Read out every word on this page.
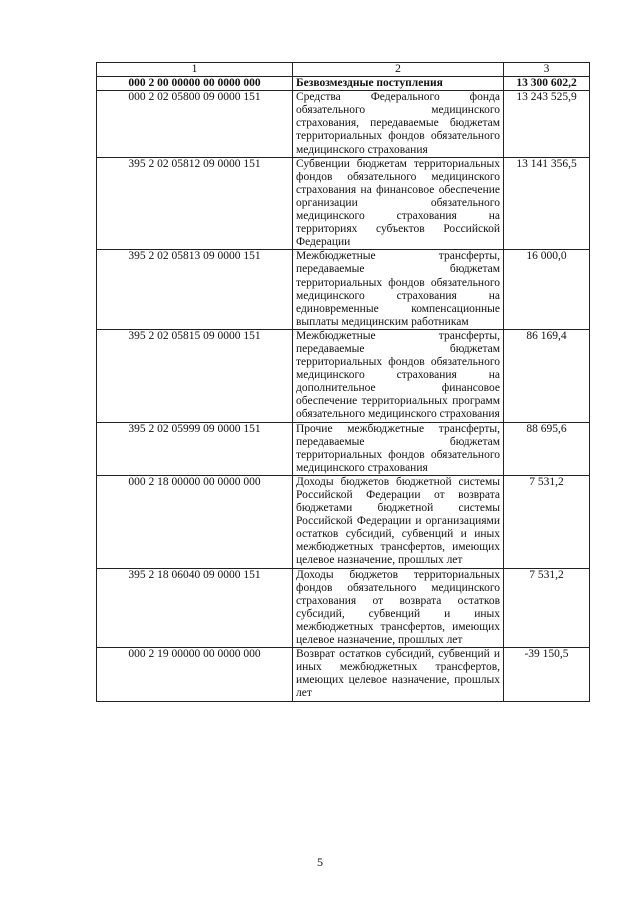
1	2	3
000 2 00 00000 00 0000 000	Безвозмездные поступления	13 300 602,2
000 2 02 05800 09 0000 151	Средства Федерального фонда обязательного медицинского страхования, передаваемые бюджетам территориальных фондов обязательного медицинского страхования	13 243 525,9
395 2 02 05812 09 0000 151	Субвенции бюджетам территориальных фондов обязательного медицинского страхования на финансовое обеспечение организации обязательного медицинского страхования на территориях субъектов Российской Федерации	13 141 356,5
395 2 02 05813 09 0000 151	Межбюджетные трансферты, передаваемые бюджетам территориальных фондов обязательного медицинского страхования на единовременные компенсационные выплаты медицинским работникам	16 000,0
395 2 02 05815 09 0000 151	Межбюджетные трансферты, передаваемые бюджетам территориальных фондов обязательного медицинского страхования на дополнительное финансовое обеспечение территориальных программ обязательного медицинского страхования	86 169,4
395 2 02 05999 09 0000 151	Прочие межбюджетные трансферты, передаваемые бюджетам территориальных фондов обязательного медицинского страхования	88 695,6
000 2 18 00000 00 0000 000	Доходы бюджетов бюджетной системы Российской Федерации от возврата бюджетами бюджетной системы Российской Федерации и организациями остатков субсидий, субвенций и иных межбюджетных трансфертов, имеющих целевое назначение, прошлых лет	7 531,2
395 2 18 06040 09 0000 151	Доходы бюджетов территориальных фондов обязательного медицинского страхования от возврата остатков субсидий, субвенций и иных межбюджетных трансфертов, имеющих целевое назначение, прошлых лет	7 531,2
000 2 19 00000 00 0000 000	Возврат остатков субсидий, субвенций и иных межбюджетных трансфертов, имеющих целевое назначение, прошлых лет	-39 150,5
5
